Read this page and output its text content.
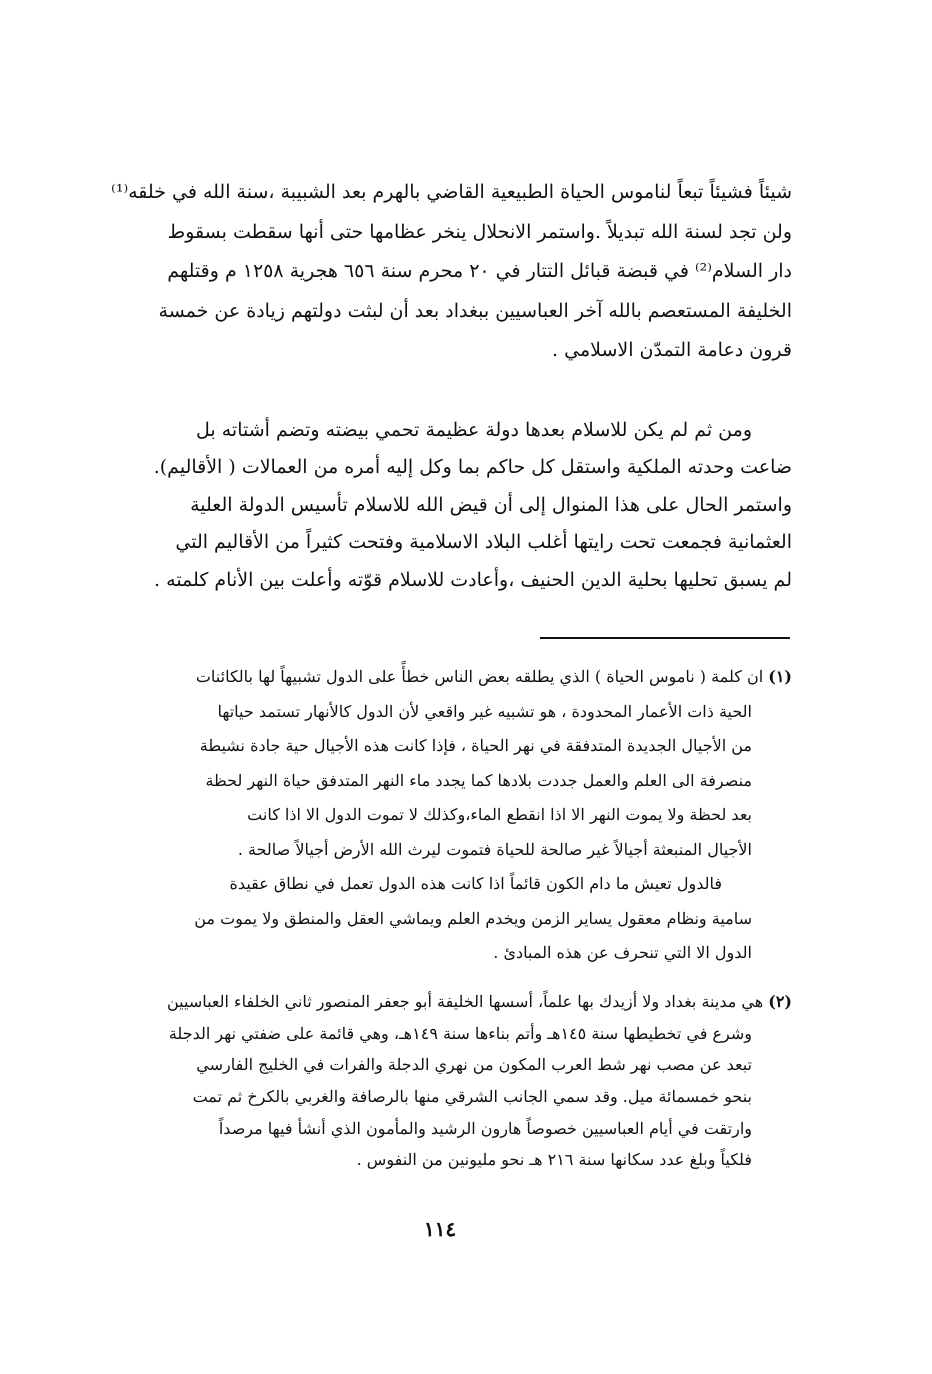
شيئاً فشيئاً تبعاً لناموس الحياة الطبيعية القاضي بالهرم بعد الشبيبة ،سنة الله في خلقه⁽¹⁾
ولن تجد لسنة الله تبديلاً .واستمر الانحلال ينخر عظامها حتى أنها سقطت بسقوط
دار السلام⁽²⁾ في قبضة قبائل التتار في ٢٠ محرم سنة ٦٥٦ هجرية ١٢٥٨ م وقتلهم
الخليفة المستعصم بالله آخر العباسيين ببغداد بعد أن لبثت دولتهم زيادة عن خمسة
قرون دعامة التمدّن الاسلامي .
ومن ثم لم يكن للاسلام بعدها دولة عظيمة تحمي بيضته وتضم أشتاته بل
ضاعت وحدته الملكية واستقل كل حاكم بما وكل إليه أمره من العمالات ( الأقاليم).
واستمر الحال على هذا المنوال إلى أن قيض الله للاسلام تأسيس الدولة العلية
العثمانية فجمعت تحت رايتها أغلب البلاد الاسلامية وفتحت كثيراً من الأقاليم التي
لم يسبق تحليها بحلية الدين الحنيف ،وأعادت للاسلام قوّته وأعلت بين الأنام كلمته .
(١) ان كلمة ( ناموس الحياة ) الذي يطلقه بعض الناس خطأً على الدول تشبيهاً لها بالكائنات
الحية ذات الأعمار المحدودة ، هو تشبيه غير واقعي لأن الدول كالأنهار تستمد حياتها
من الأجيال الجديدة المتدفقة في نهر الحياة ، فإذا كانت هذه الأجيال حية جادة نشيطة
منصرفة الى العلم والعمل جددت بلادها كما يجدد ماء النهر المتدفق حياة النهر لحظة
بعد لحظة ولا يموت النهر الا اذا انقطع الماء،وكذلك لا تموت الدول الا اذا كانت
الأجيال المنبعثة أجيالاً غير صالحة للحياة فتموت ليرث الله الأرض أجيالاً صالحة .
فالدول تعيش ما دام الكون قائماً اذا كانت هذه الدول تعمل في نطاق عقيدة
سامية ونظام معقول يساير الزمن ويخدم العلم ويماشي العقل والمنطق ولا يموت من
الدول الا التي تنحرف عن هذه المبادئ .
(٢) هي مدينة بغداد ولا أزيدك بها علماً، أسسها الخليفة أبو جعفر المنصور ثاني الخلفاء العباسيين
وشرع في تخطيطها سنة ١٤٥هـ وأتم بناءها سنة ١٤٩هـ، وهي قائمة على ضفتي نهر الدجلة
تبعد عن مصب نهر شط العرب المكون من نهري الدجلة والفرات في الخليج الفارسي
بنحو خمسمائة ميل. وقد سمي الجانب الشرقي منها بالرصافة والغربي بالكرخ ثم تمت
وارتقت في أيام العباسيين خصوصاً هارون الرشيد والمأمون الذي أنشأ فيها مرصداً
فلكياً وبلغ عدد سكانها سنة ٢١٦ هـ نحو مليونين من النفوس .
١١٤
